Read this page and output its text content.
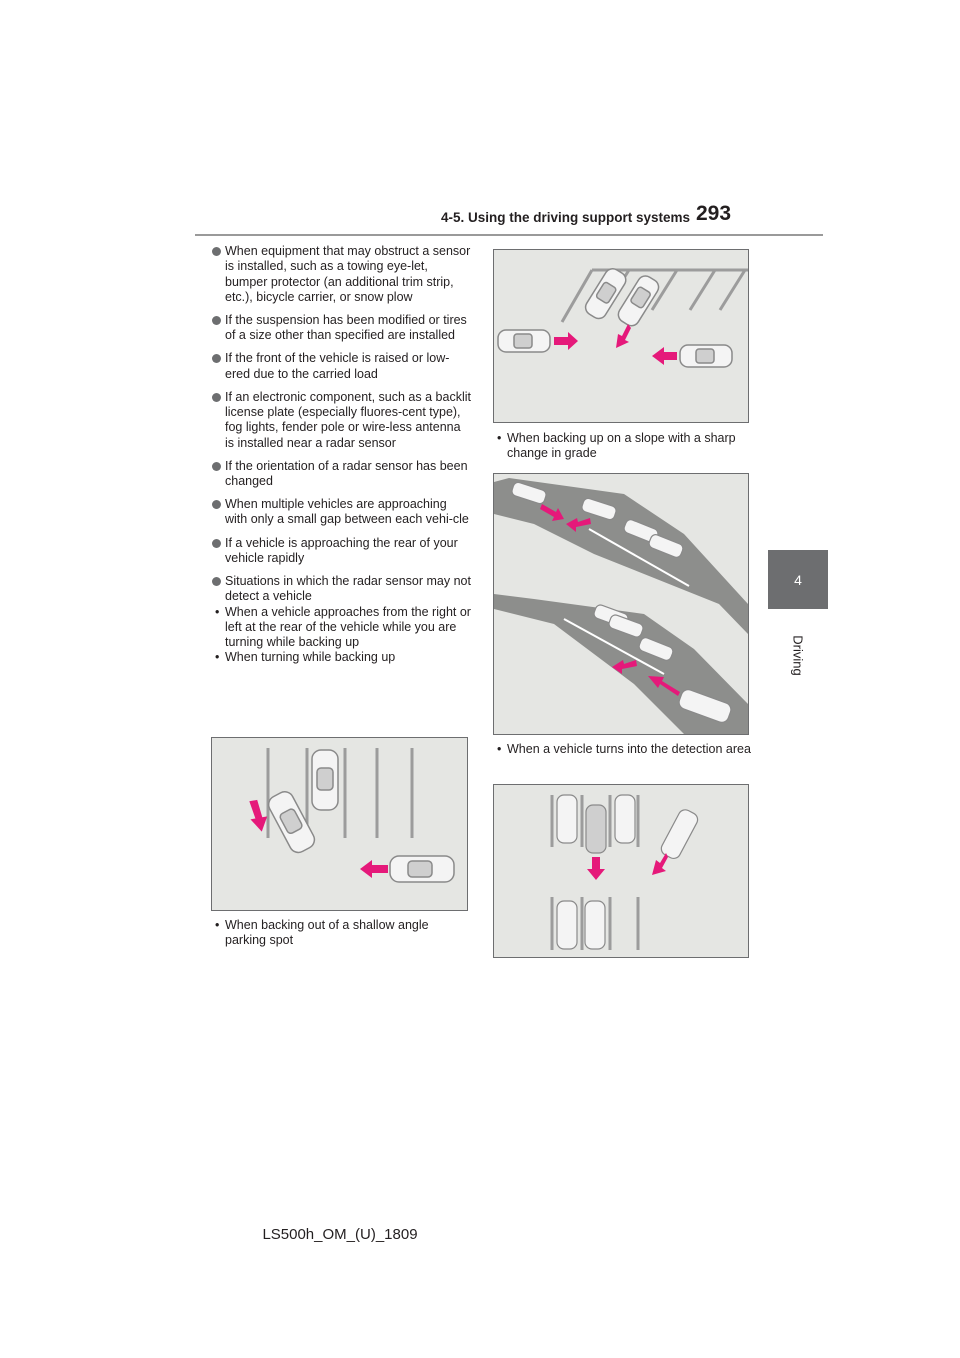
4-5. Using the driving support systems 293
4
Driving
When equipment that may obstruct a sensor is installed, such as a towing eye-let, bumper protector (an additional trim strip, etc.), bicycle carrier, or snow plow
If the suspension has been modified or tires of a size other than specified are installed
If the front of the vehicle is raised or low-ered due to the carried load
If an electronic component, such as a backlit license plate (especially fluores-cent type), fog lights, fender pole or wire-less antenna is installed near a radar sensor
If the orientation of a radar sensor has been changed
When multiple vehicles are approaching with only a small gap between each vehi-cle
If a vehicle is approaching the rear of your vehicle rapidly
Situations in which the radar sensor may not detect a vehicle
• When a vehicle approaches from the right or left at the rear of the vehicle while you are turning while backing up
• When turning while backing up
• When backing out of a shallow angle parking spot
• When backing up on a slope with a sharp change in grade
• When a vehicle turns into the detection area
LS500h_OM_(U)_1809
